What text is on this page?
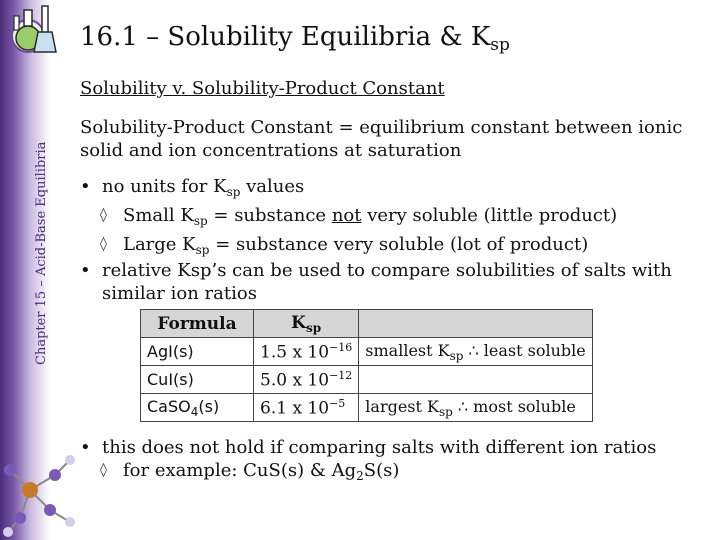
Chapter 15 – Acid-Base Equilibria
16.1 – Solubility Equilibria & $K_{sp}$
Solubility v. Solubility-Product Constant
Solubility-Product Constant = equilibrium constant between ionic solid and ion concentrations at saturation
• no units for $K_{sp}$ values
◊ Small $K_{sp}$ = substance not very soluble (little product)
◊ Large $K_{sp}$ = substance very soluble (lot of product)
• relative Ksp’s can be used to compare solubilities of salts with similar ion ratios
Formula	$K_{sp}$	
AgI(s)	1.5 x $10^{-16}$	smallest $K_{sp}$ ∴ least soluble
CuI(s)	5.0 x $10^{-12}$	
CaSO$_4$(s)	6.1 x $10^{-5}$	largest $K_{sp}$ ∴ most soluble
• this does not hold if comparing salts with different ion ratios
◊ for example: CuS(s) & $Ag_2S(s)$
